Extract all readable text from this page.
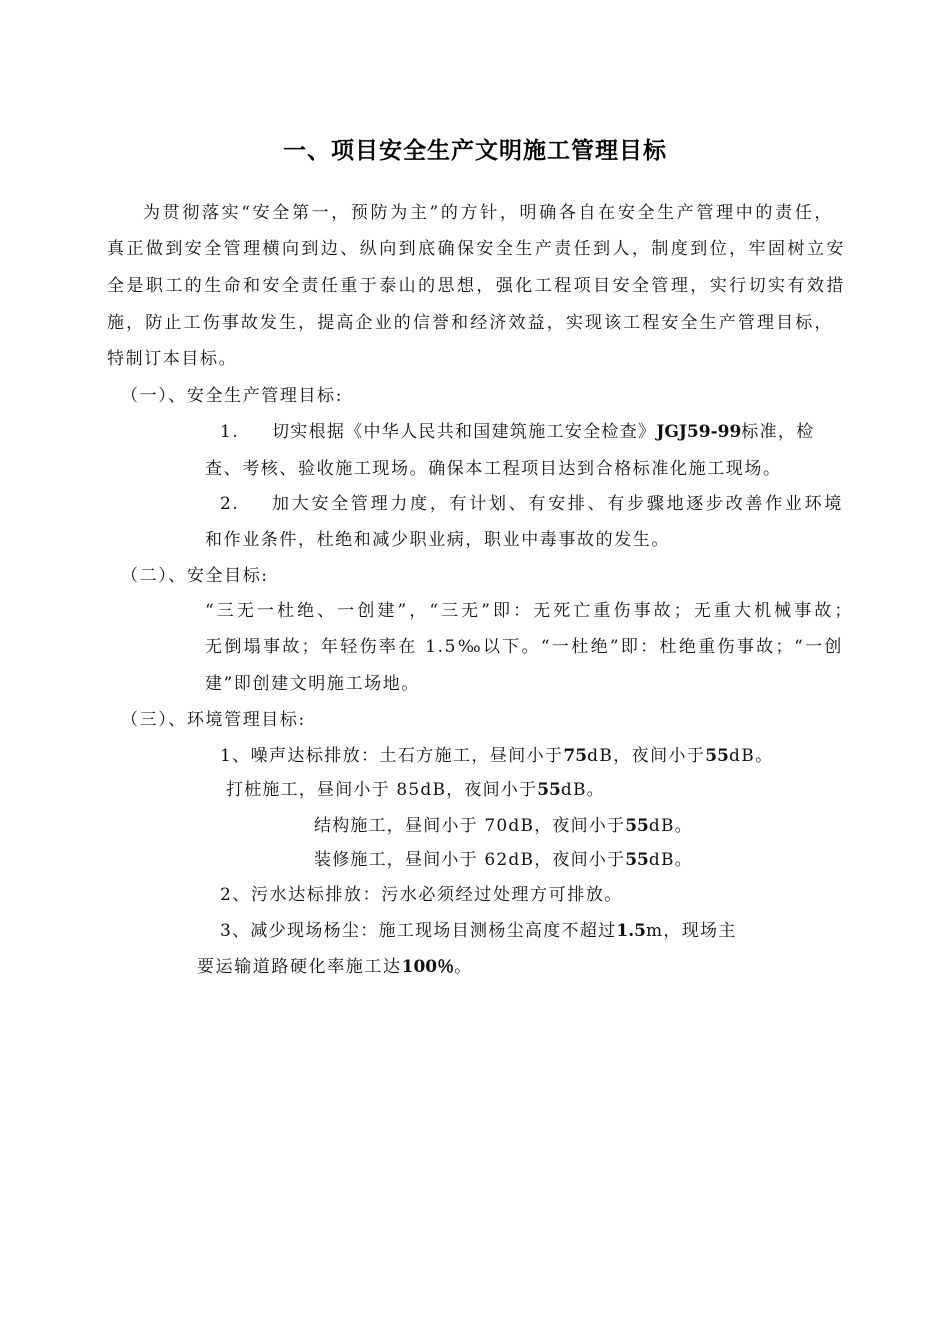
一、项目安全生产文明施工管理目标
为贯彻落实“安全第一，预防为主”的方针，明确各自在安全生产管理中的责任，
真正做到安全管理横向到边、纵向到底确保安全生产责任到人，制度到位，牢固树立安
全是职工的生命和安全责任重于泰山的思想，强化工程项目安全管理，实行切实有效措
施，防止工伤事故发生，提高企业的信誉和经济效益，实现该工程安全生产管理目标，
特制订本目标。
（一）、安全生产管理目标:
1. 切实根据《中华人民共和国建筑施工安全检查》JGJ59-99标准，检
查、考核、验收施工现场。确保本工程项目达到合格标准化施工现场。
2. 加大安全管理力度，有计划、有安排、有步骤地逐步改善作业环境
和作业条件，杜绝和减少职业病，职业中毒事故的发生。
（二）、安全目标:
“三无一杜绝、一创建”，“三无”即：无死亡重伤事故；无重大机械事故；
无倒塌事故；年轻伤率在 1.5‰以下。“一杜绝”即：杜绝重伤事故；“一创
建”即创建文明施工场地。
（三）、环境管理目标:
1、噪声达标排放：土石方施工，昼间小于75dB，夜间小于55dB。
打桩施工，昼间小于 85dB，夜间小于55dB。
结构施工，昼间小于 70dB，夜间小于55dB。
装修施工，昼间小于 62dB，夜间小于55dB。
2、污水达标排放：污水必须经过处理方可排放。
3、减少现场杨尘：施工现场目测杨尘高度不超过1.5m，现场主
要运输道路硬化率施工达100％。
